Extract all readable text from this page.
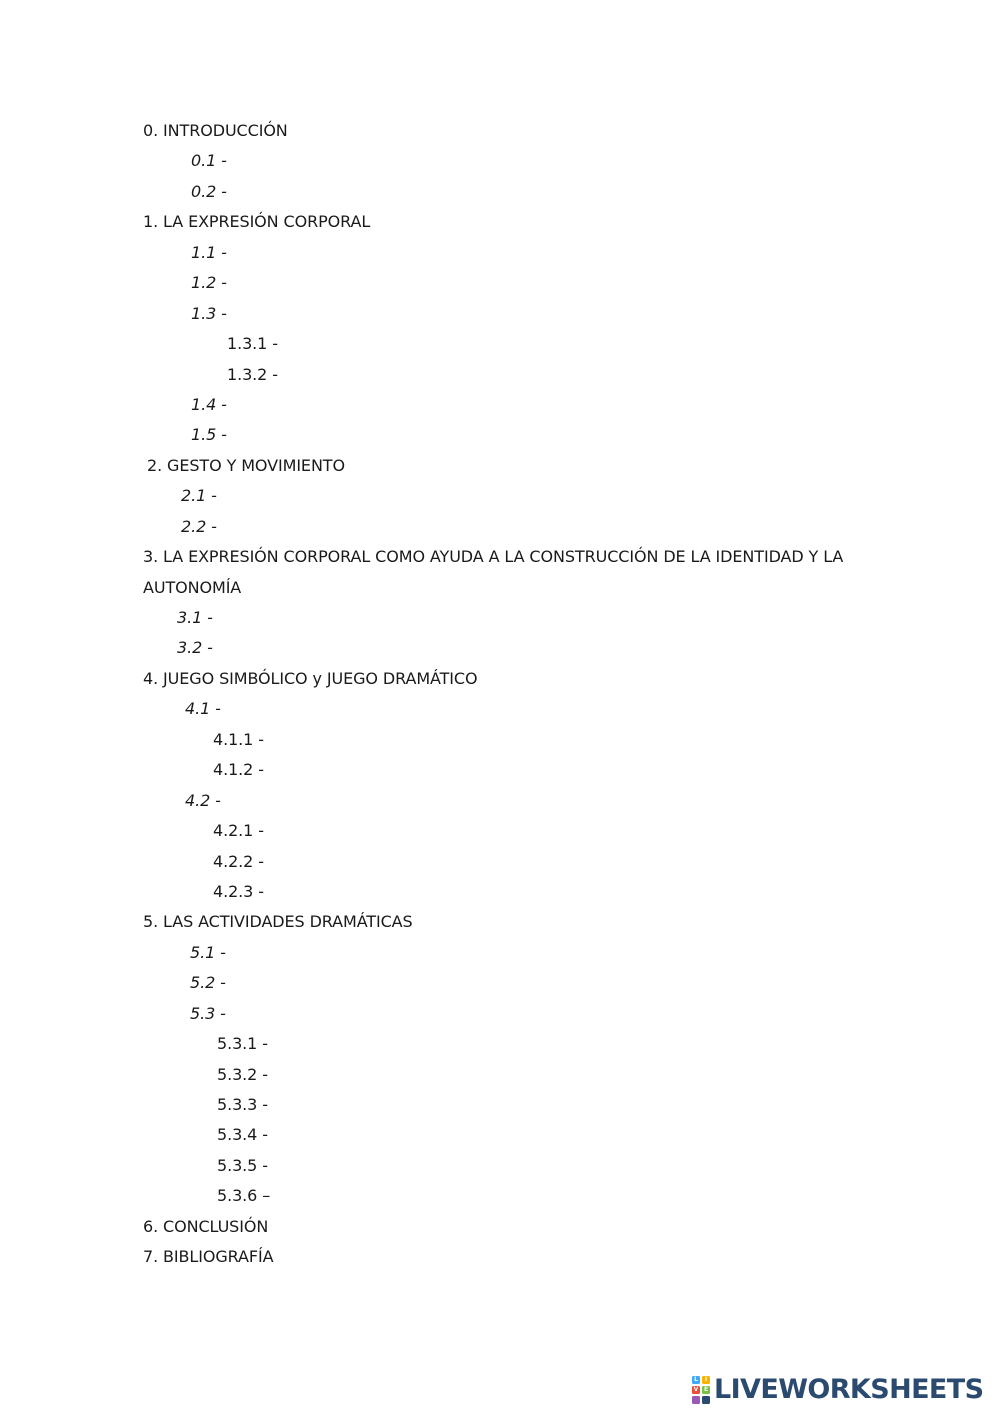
0. INTRODUCCIÓN
0.1 -
0.2 -
1. LA EXPRESIÓN CORPORAL
1.1 -
1.2 -
1.3 -
1.3.1 -
1.3.2 -
1.4 -
1.5 -
2. GESTO Y MOVIMIENTO
2.1 -
2.2 -
3. LA EXPRESIÓN CORPORAL COMO AYUDA A LA CONSTRUCCIÓN DE LA IDENTIDAD Y LA
AUTONOMÍA
3.1 -
3.2 -
4. JUEGO SIMBÓLICO y JUEGO DRAMÁTICO
4.1 -
4.1.1 -
4.1.2 -
4.2 -
4.2.1 -
4.2.2 -
4.2.3 -
5. LAS ACTIVIDADES DRAMÁTICAS
5.1 -
5.2 -
5.3 -
5.3.1 -
5.3.2 -
5.3.3 -
5.3.4 -
5.3.5 -
5.3.6 –
6. CONCLUSIÓN
7. BIBLIOGRAFÍA
L	I
V E LIVEWORKSHEETS
